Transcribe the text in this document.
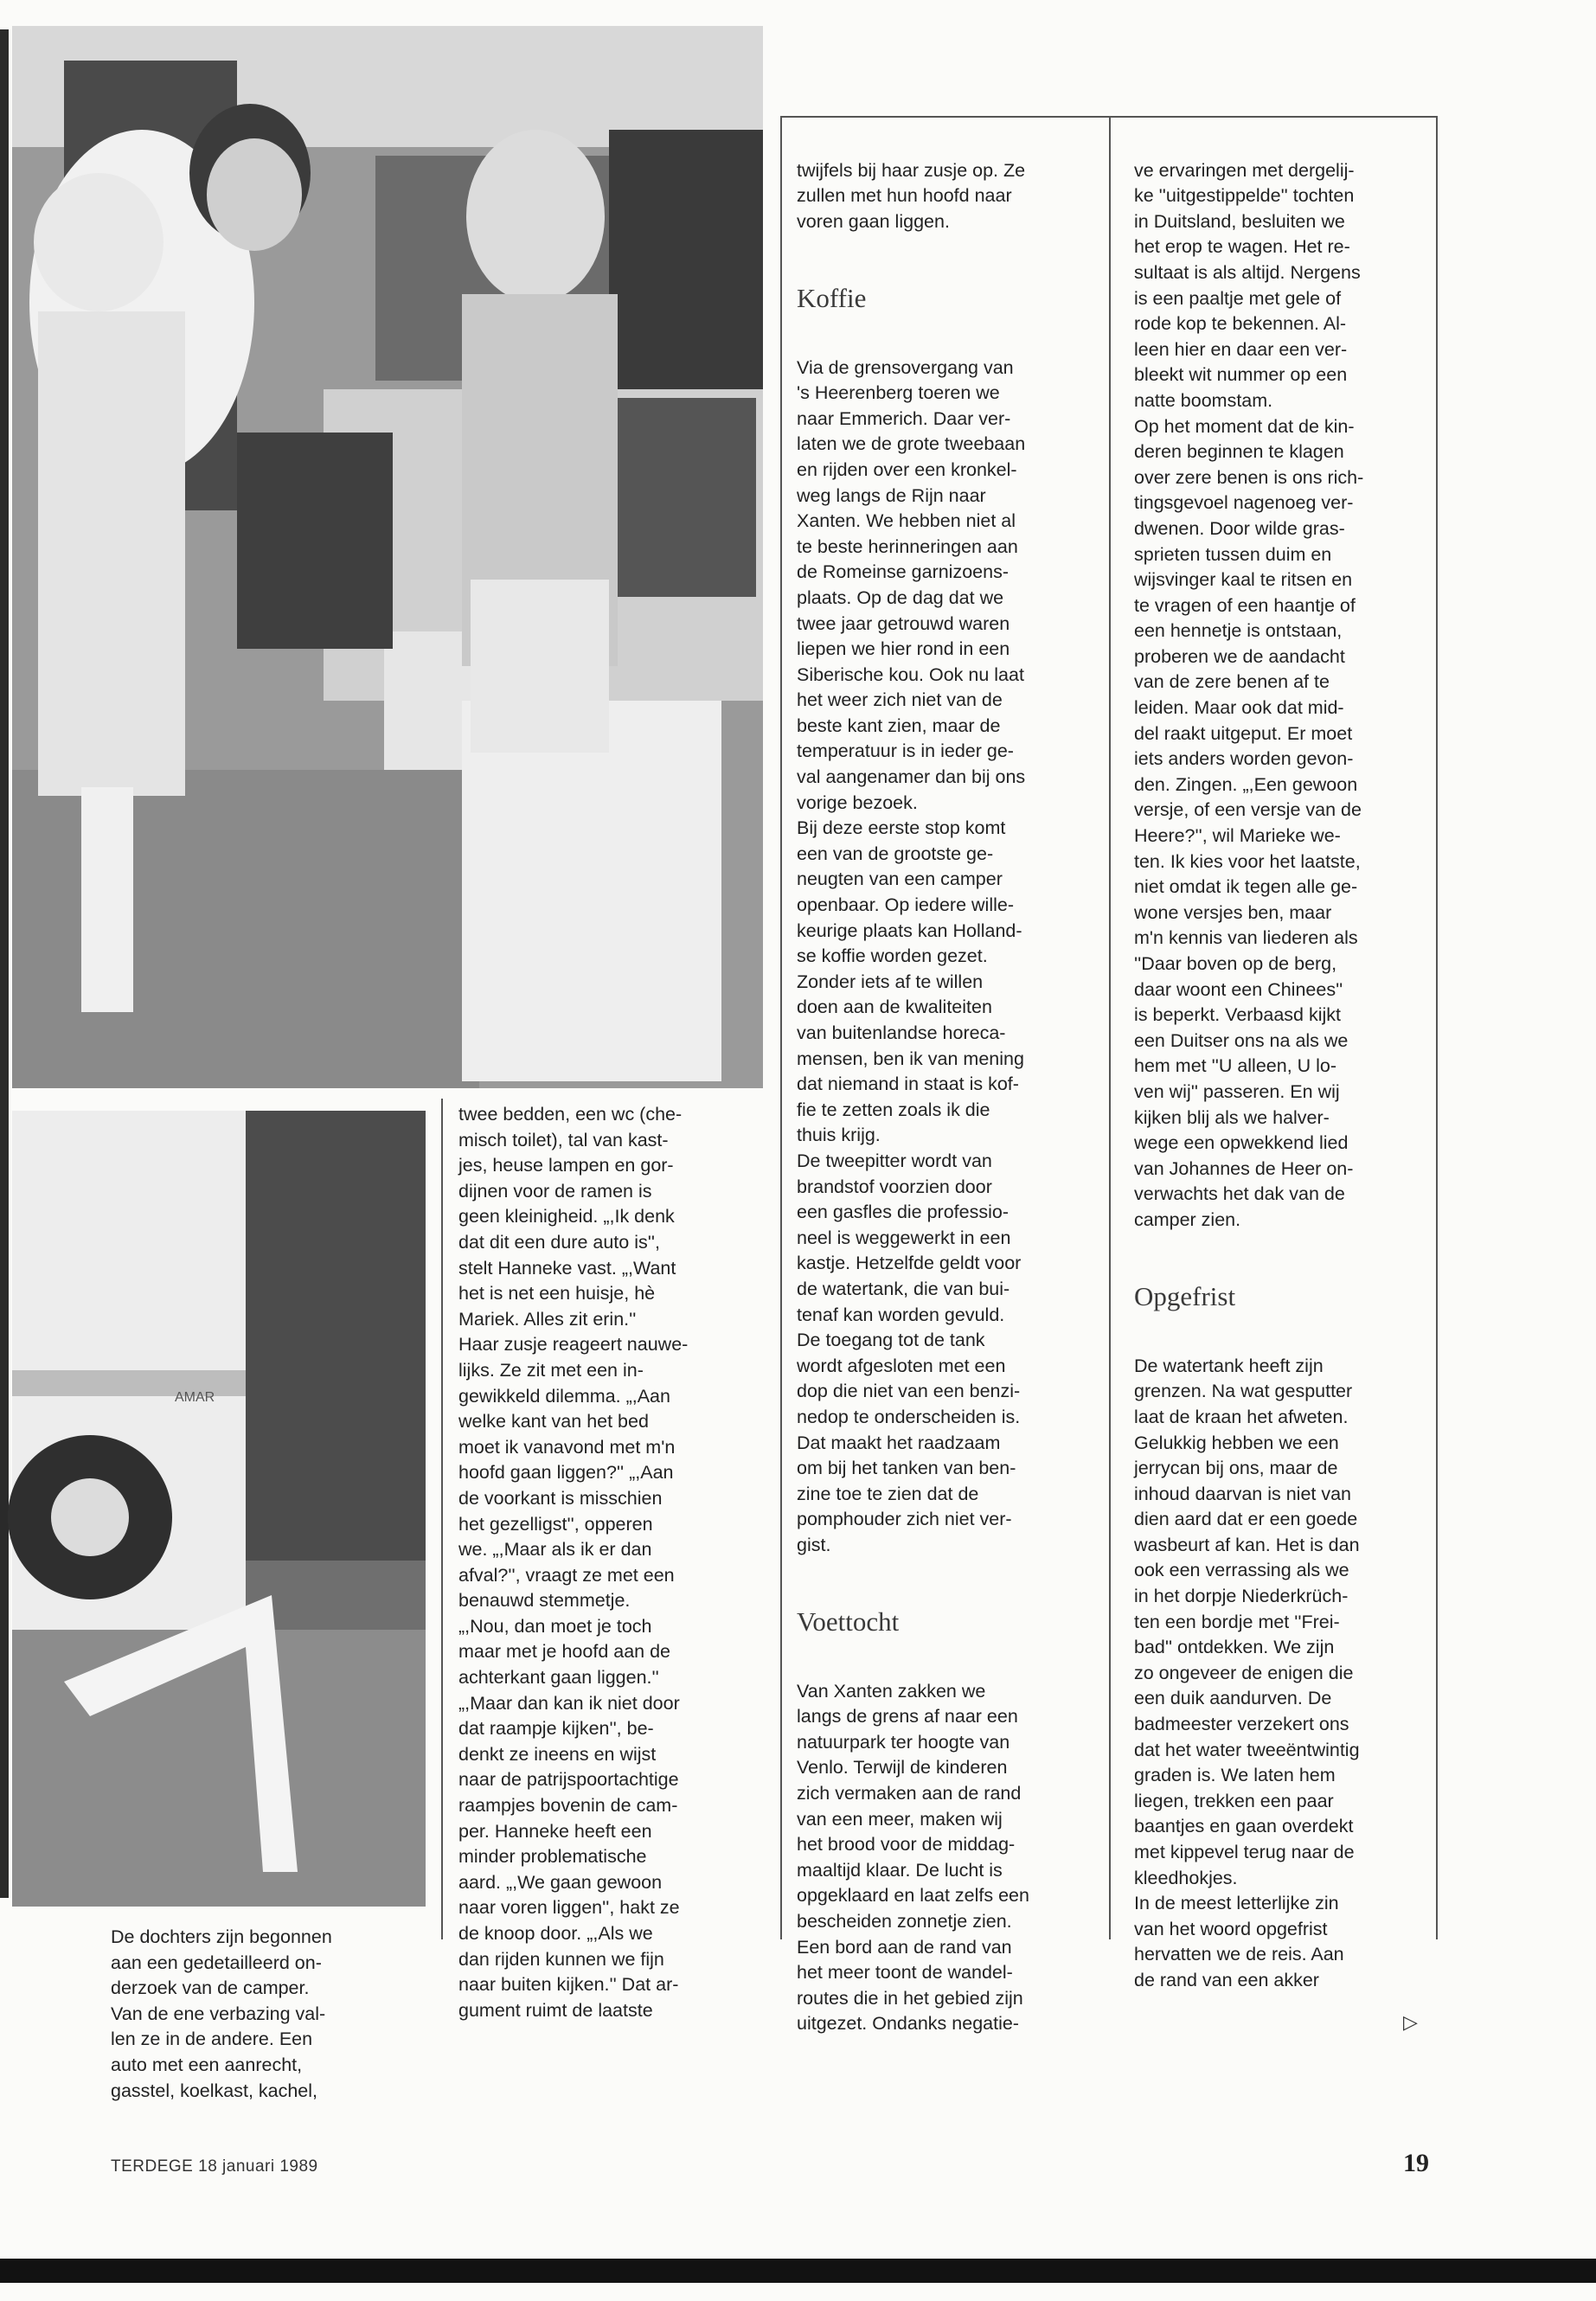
AMAR
De dochters zijn begonnen
aan een gedetailleerd on-
derzoek van de camper.
Van de ene verbazing val-
len ze in de andere. Een
auto met een aanrecht,
gasstel, koelkast, kachel,
twee bedden, een wc (che-
misch toilet), tal van kast-
jes, heuse lampen en gor-
dijnen voor de ramen is
geen kleinigheid. „,Ik denk
dat dit een dure auto is'',
stelt Hanneke vast. „,Want
het is net een huisje, hè
Mariek. Alles zit erin.''
Haar zusje reageert nauwe-
lijks. Ze zit met een in-
gewikkeld dilemma. „,Aan
welke kant van het bed
moet ik vanavond met m'n
hoofd gaan liggen?'' „,Aan
de voorkant is misschien
het gezelligst'', opperen
we. „,Maar als ik er dan
afval?'', vraagt ze met een
benauwd stemmetje.
„,Nou, dan moet je toch
maar met je hoofd aan de
achterkant gaan liggen.''
„,Maar dan kan ik niet door
dat raampje kijken'', be-
denkt ze ineens en wijst
naar de patrijspoortachtige
raampjes bovenin de cam-
per. Hanneke heeft een
minder problematische
aard. „,We gaan gewoon
naar voren liggen'', hakt ze
de knoop door. „,Als we
dan rijden kunnen we fijn
naar buiten kijken.'' Dat ar-
gument ruimt de laatste

twijfels bij haar zusje op. Ze
zullen met hun hoofd naar
voren gaan liggen.

Koffie

Via de grensovergang van
's Heerenberg toeren we
naar Emmerich. Daar ver-
laten we de grote tweebaan
en rijden over een kronkel-
weg langs de Rijn naar
Xanten. We hebben niet al
te beste herinneringen aan
de Romeinse garnizoens-
plaats. Op de dag dat we
twee jaar getrouwd waren
liepen we hier rond in een
Siberische kou. Ook nu laat
het weer zich niet van de
beste kant zien, maar de
temperatuur is in ieder ge-
val aangenamer dan bij ons
vorige bezoek.
Bij deze eerste stop komt
een van de grootste ge-
neugten van een camper
openbaar. Op iedere wille-
keurige plaats kan Holland-
se koffie worden gezet.
Zonder iets af te willen
doen aan de kwaliteiten
van buitenlandse horeca-
mensen, ben ik van mening
dat niemand in staat is kof-
fie te zetten zoals ik die
thuis krijg.
De tweepitter wordt van
brandstof voorzien door
een gasfles die professio-
neel is weggewerkt in een
kastje. Hetzelfde geldt voor
de watertank, die van bui-
tenaf kan worden gevuld.
De toegang tot de tank
wordt afgesloten met een
dop die niet van een benzi-
nedop te onderscheiden is.
Dat maakt het raadzaam
om bij het tanken van ben-
zine toe te zien dat de
pomphouder zich niet ver-
gist.

Voettocht

Van Xanten zakken we
langs de grens af naar een
natuurpark ter hoogte van
Venlo. Terwijl de kinderen
zich vermaken aan de rand
van een meer, maken wij
het brood voor de middag-
maaltijd klaar. De lucht is
opgeklaard en laat zelfs een
bescheiden zonnetje zien.
Een bord aan de rand van
het meer toont de wandel-
routes die in het gebied zijn
uitgezet. Ondanks negatie-

ve ervaringen met dergelij-
ke ''uitgestippelde'' tochten
in Duitsland, besluiten we
het erop te wagen. Het re-
sultaat is als altijd. Nergens
is een paaltje met gele of
rode kop te bekennen. Al-
leen hier en daar een ver-
bleekt wit nummer op een
natte boomstam.
Op het moment dat de kin-
deren beginnen te klagen
over zere benen is ons rich-
tingsgevoel nagenoeg ver-
dwenen. Door wilde gras-
sprieten tussen duim en
wijsvinger kaal te ritsen en
te vragen of een haantje of
een hennetje is ontstaan,
proberen we de aandacht
van de zere benen af te
leiden. Maar ook dat mid-
del raakt uitgeput. Er moet
iets anders worden gevon-
den. Zingen. „,Een gewoon
versje, of een versje van de
Heere?'', wil Marieke we-
ten. Ik kies voor het laatste,
niet omdat ik tegen alle ge-
wone versjes ben, maar
m'n kennis van liederen als
''Daar boven op de berg,
daar woont een Chinees''
is beperkt. Verbaasd kijkt
een Duitser ons na als we
hem met ''U alleen, U lo-
ven wij'' passeren. En wij
kijken blij als we halver-
wege een opwekkend lied
van Johannes de Heer on-
verwachts het dak van de
camper zien.

Opgefrist

De watertank heeft zijn
grenzen. Na wat gesputter
laat de kraan het afweten.
Gelukkig hebben we een
jerrycan bij ons, maar de
inhoud daarvan is niet van
dien aard dat er een goede
wasbeurt af kan. Het is dan
ook een verrassing als we
in het dorpje Niederkrüch-
ten een bordje met ''Frei-
bad'' ontdekken. We zijn
zo ongeveer de enigen die
een duik aandurven. De
badmeester verzekert ons
dat het water tweeëntwintig
graden is. We laten hem
liegen, trekken een paar
baantjes en gaan overdekt
met kippevel terug naar de
kleedhokjes.
In de meest letterlijke zin
van het woord opgefrist
hervatten we de reis. Aan
de rand van een akker

▷
TERDEGE 18 januari 1989	19
